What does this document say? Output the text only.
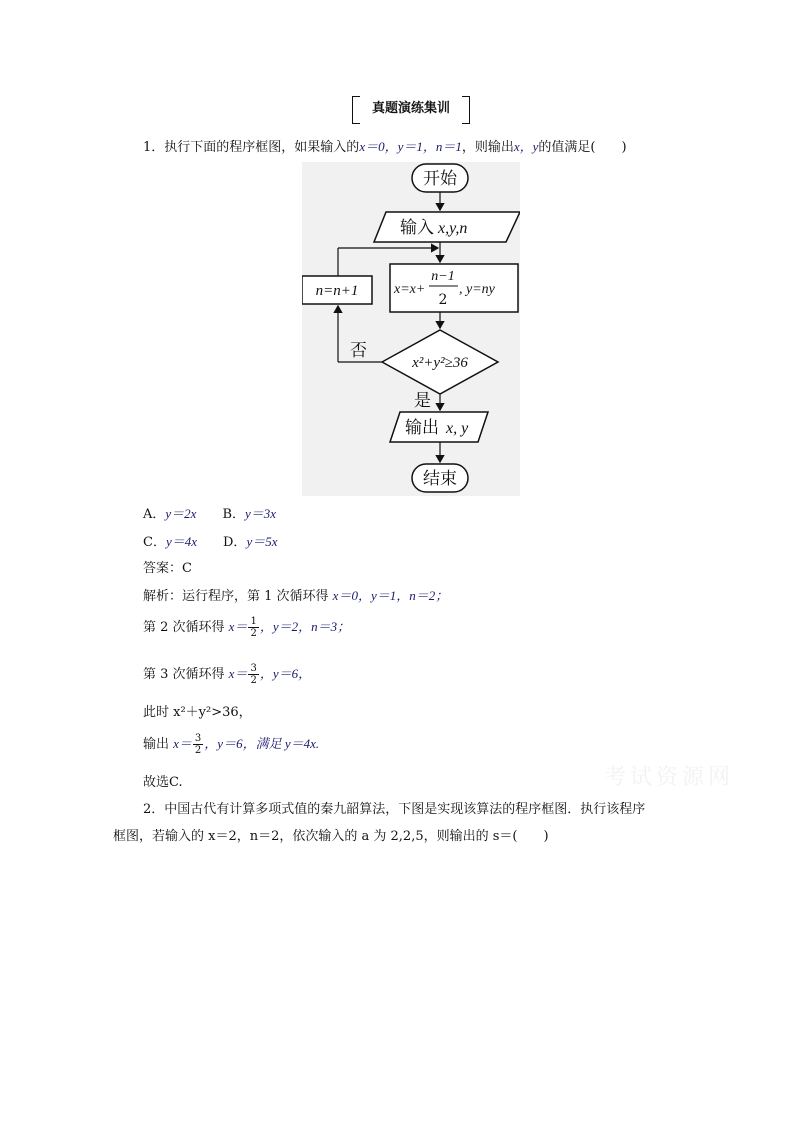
真题演练集训
1．执行下面的程序框图，如果输入的x＝0，y＝1，n＝1，则输出x，y的值满足(　　)
开始
输入 x,y,n
x=x+
n−1
2
, y=ny
x²+y²≥36
否
n=n+1
是
输出 x, y
结束
A．y＝2x B．y＝3x
C．y＝4x D．y＝5x
答案：C
解析：运行程序，第 1 次循环得 x＝0，y＝1，n＝2；
第 2 次循环得 $x= \frac{1}{2}$ ，y＝2，n＝3；
第 3 次循环得 $x= \frac{3}{2}$ ，y＝6，
此时 x²＋y²>36，
输出 $x= \frac{3}{2}$ ，y＝6，满足 y＝4x.
故选C.
2．中国古代有计算多项式值的秦九韶算法，下图是实现该算法的程序框图．执行该程序
框图，若输入的 x＝2，n＝2，依次输入的 a 为 2,2,5，则输出的 s＝(　　)
考试资源网
